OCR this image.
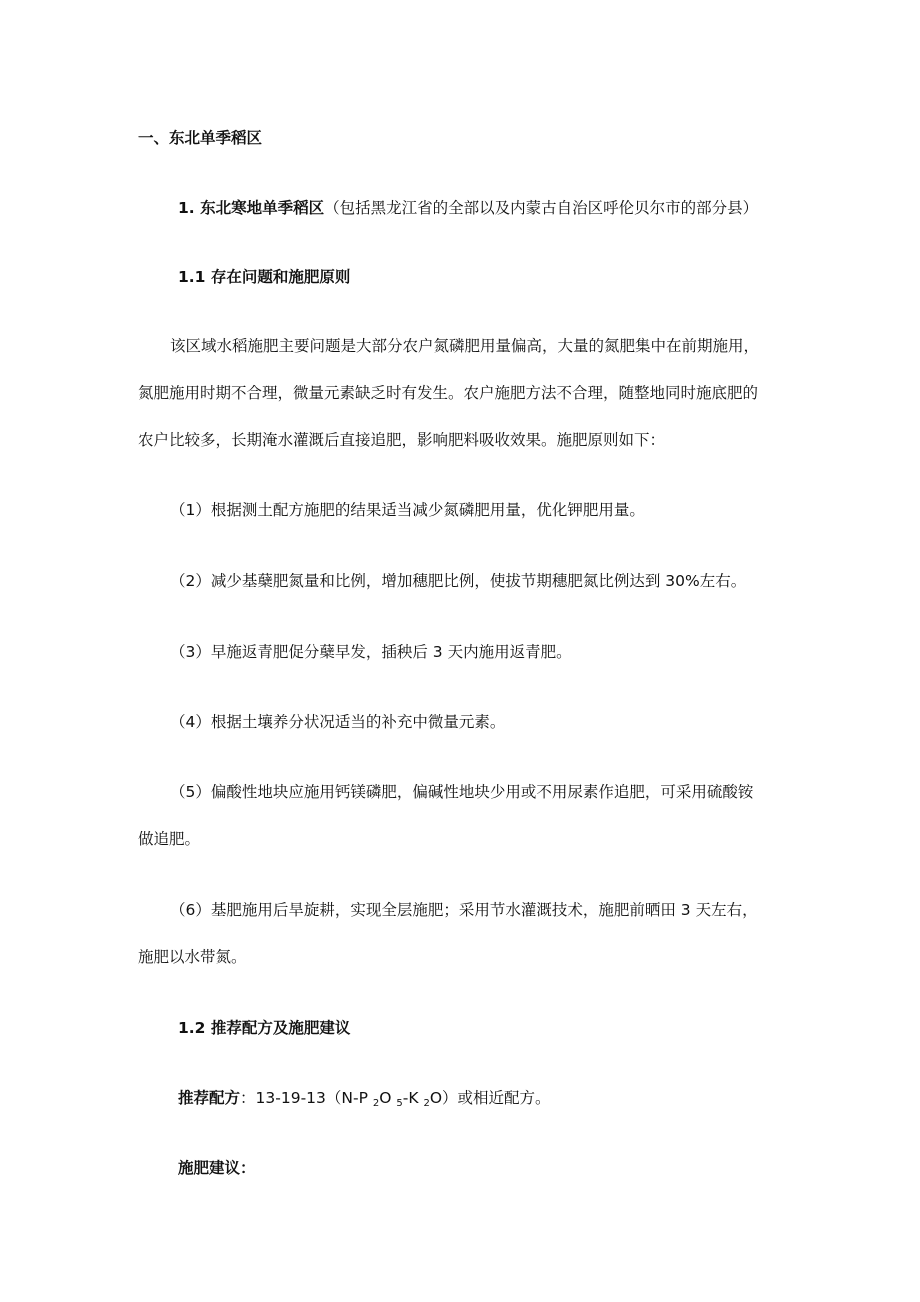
一、东北单季稻区
1. 东北寒地单季稻区（包括黑龙江省的全部以及内蒙古自治区呼伦贝尔市的部分县）
1.1 存在问题和施肥原则
该区域水稻施肥主要问题是大部分农户氮磷肥用量偏高，大量的氮肥集中在前期施用，
氮肥施用时期不合理，微量元素缺乏时有发生。农户施肥方法不合理，随整地同时施底肥的
农户比较多，长期淹水灌溉后直接追肥，影响肥料吸收效果。施肥原则如下：
（1）根据测土配方施肥的结果适当减少氮磷肥用量，优化钾肥用量。
（2）减少基蘖肥氮量和比例，增加穗肥比例，使拔节期穗肥氮比例达到 30%左右。
（3）早施返青肥促分蘖早发，插秧后 3 天内施用返青肥。
（4）根据土壤养分状况适当的补充中微量元素。
（5）偏酸性地块应施用钙镁磷肥，偏碱性地块少用或不用尿素作追肥，可采用硫酸铵
做追肥。
（6）基肥施用后旱旋耕，实现全层施肥；采用节水灌溉技术，施肥前晒田 3 天左右，
施肥以水带氮。
1.2 推荐配方及施肥建议
推荐配方：13-19-13（N-P $_2$O $_5$-K $_2$O）或相近配方。
施肥建议：
